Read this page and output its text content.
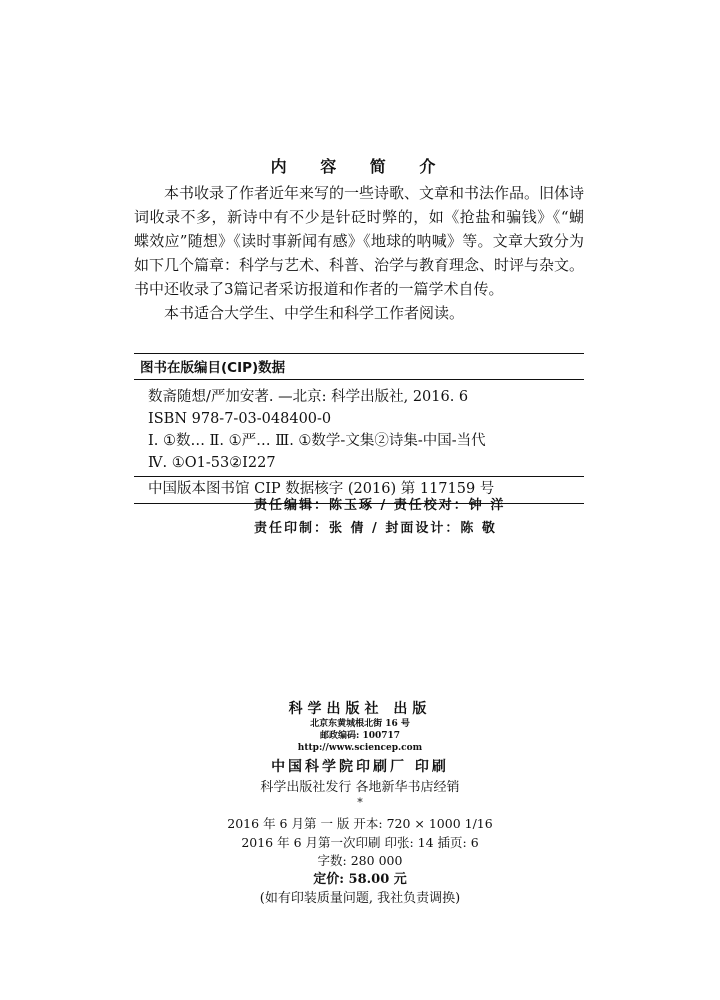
内 容 简 介

本书收录了作者近年来写的一些诗歌、文章和书法作品。旧体诗词收录不多，新诗中有不少是针砭时弊的，如《抢盐和骗钱》《“蝴蝶效应”随想》《读时事新闻有感》《地球的呐喊》等。文章大致分为如下几个篇章：科学与艺术、科普、治学与教育理念、时评与杂文。书中还收录了3篇记者采访报道和作者的一篇学术自传。

本书适合大学生、中学生和科学工作者阅读。

图书在版编目(CIP)数据
数斋随想/严加安著. —北京: 科学出版社, 2016. 6
ISBN 978-7-03-048400-0
Ⅰ. ①数… Ⅱ. ①严… Ⅲ. ①数学-文集②诗集-中国-当代
Ⅳ. ①O1-53②I227
中国版本图书馆 CIP 数据核字 (2016) 第 117159 号
责任编辑：陈玉琢 / 责任校对：钟 洋
责任印制：张 倩 / 封面设计：陈 敬
科学出版社 出版
北京东黄城根北街 16 号
邮政编码: 100717
http://www.sciencep.com
中国科学院印刷厂 印刷
科学出版社发行 各地新华书店经销
*
2016 年 6 月第 一 版 开本: 720 × 1000 1/16
2016 年 6 月第一次印刷 印张: 14 插页: 6
字数: 280 000
定价: 58.00 元
(如有印装质量问题, 我社负责调换)
